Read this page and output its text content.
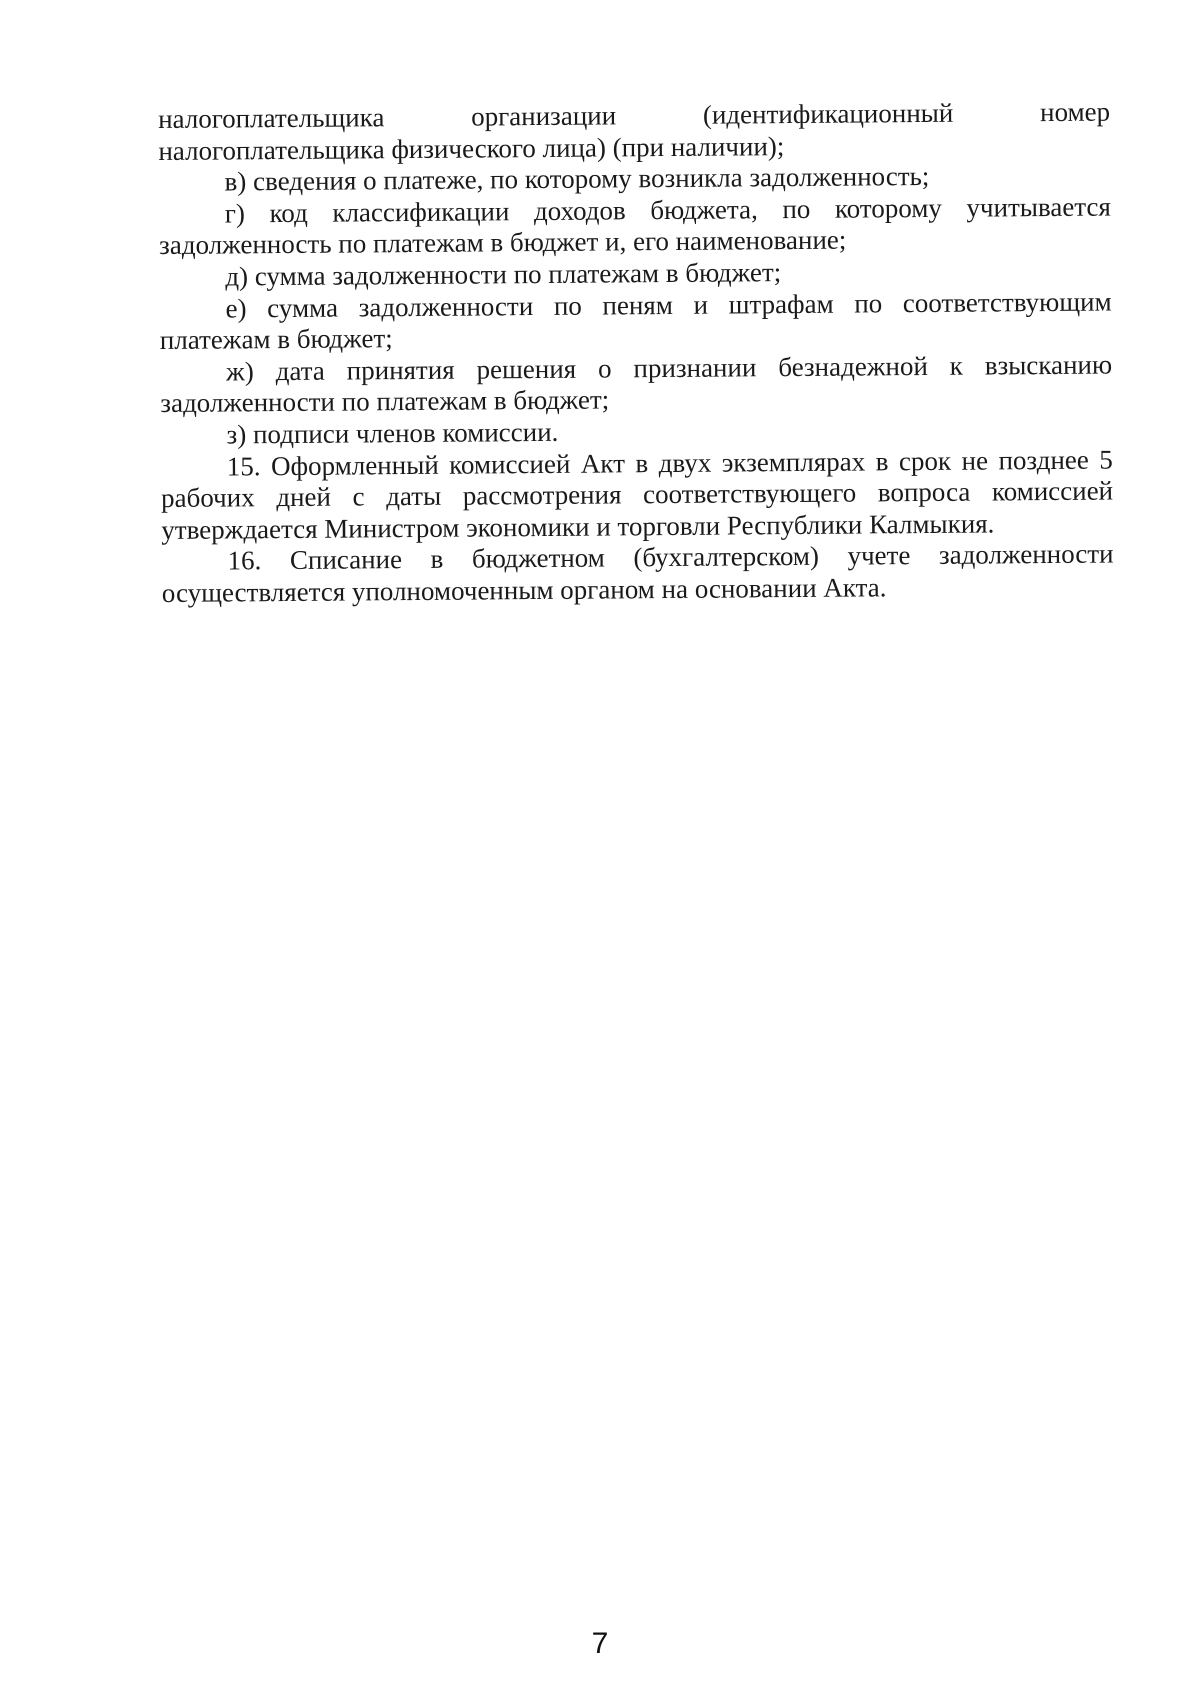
налогоплательщика организации (идентификационный номер

налогоплательщика физического лица) (при наличии);

в) сведения о платеже, по которому возникла задолженность;

г) код классификации доходов бюджета, по которому учитывается задолженность по платежам в бюджет и, его наименование;

д) сумма задолженности по платежам в бюджет;

е) сумма задолженности по пеням и штрафам по соответствующим платежам в бюджет;

ж) дата принятия решения о признании безнадежной к взысканию задолженности по платежам в бюджет;

з) подписи членов комиссии.

15. Оформленный комиссией Акт в двух экземплярах в срок не позднее 5 рабочих дней с даты рассмотрения соответствующего вопроса комиссией утверждается Министром экономики и торговли Республики Калмыкия.

16. Списание в бюджетном (бухгалтерском) учете задолженности осуществляется уполномоченным органом на основании Акта.

7
